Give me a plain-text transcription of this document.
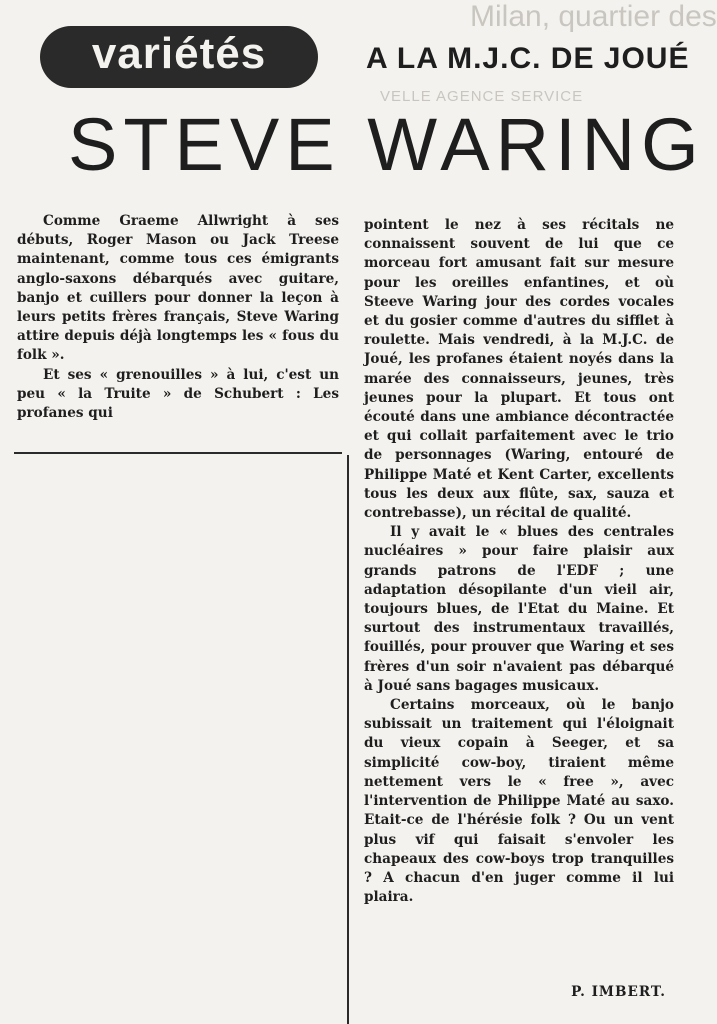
Milan, quartier des
VELLE AGENCE SERVICE
variétés	A LA M.J.C. DE JOUÉ
STEVE WARING

Comme Graeme Allwright à ses débuts, Roger Mason ou Jack Treese maintenant, comme tous ces émigrants anglo-saxons débarqués avec guitare, banjo et cuillers pour donner la leçon à leurs petits frères français, Steve Waring attire depuis déjà longtemps les « fous du folk ».

Et ses « grenouilles » à lui, c'est un peu « la Truite » de Schubert : Les profanes qui

pointent le nez à ses récitals ne connaissent souvent de lui que ce morceau fort amusant fait sur mesure pour les oreilles enfantines, et où Steeve Waring jour des cordes vocales et du gosier comme d'autres du sifflet à roulette. Mais vendredi, à la M.J.C. de Joué, les profanes étaient noyés dans la marée des connaisseurs, jeunes, très jeunes pour la plupart. Et tous ont écouté dans une ambiance décontractée et qui collait parfaitement avec le trio de personnages (Waring, entouré de Philippe Maté et Kent Carter, excellents tous les deux aux flûte, sax, sauza et contrebasse), un récital de qualité.

Il y avait le « blues des centrales nucléaires » pour faire plaisir aux grands patrons de l'EDF ; une adaptation désopilante d'un vieil air, toujours blues, de l'Etat du Maine. Et surtout des instrumentaux travaillés, fouillés, pour prouver que Waring et ses frères d'un soir n'avaient pas débarqué à Joué sans bagages musicaux.

Certains morceaux, où le banjo subissait un traitement qui l'éloignait du vieux copain à Seeger, et sa simplicité cow-boy, tiraient même nettement vers le « free », avec l'intervention de Philippe Maté au saxo. Etait-ce de l'hérésie folk ? Ou un vent plus vif qui faisait s'envoler les chapeaux des cow-boys trop tranquilles ? A chacun d'en juger comme il lui plaira.

P. IMBERT.
